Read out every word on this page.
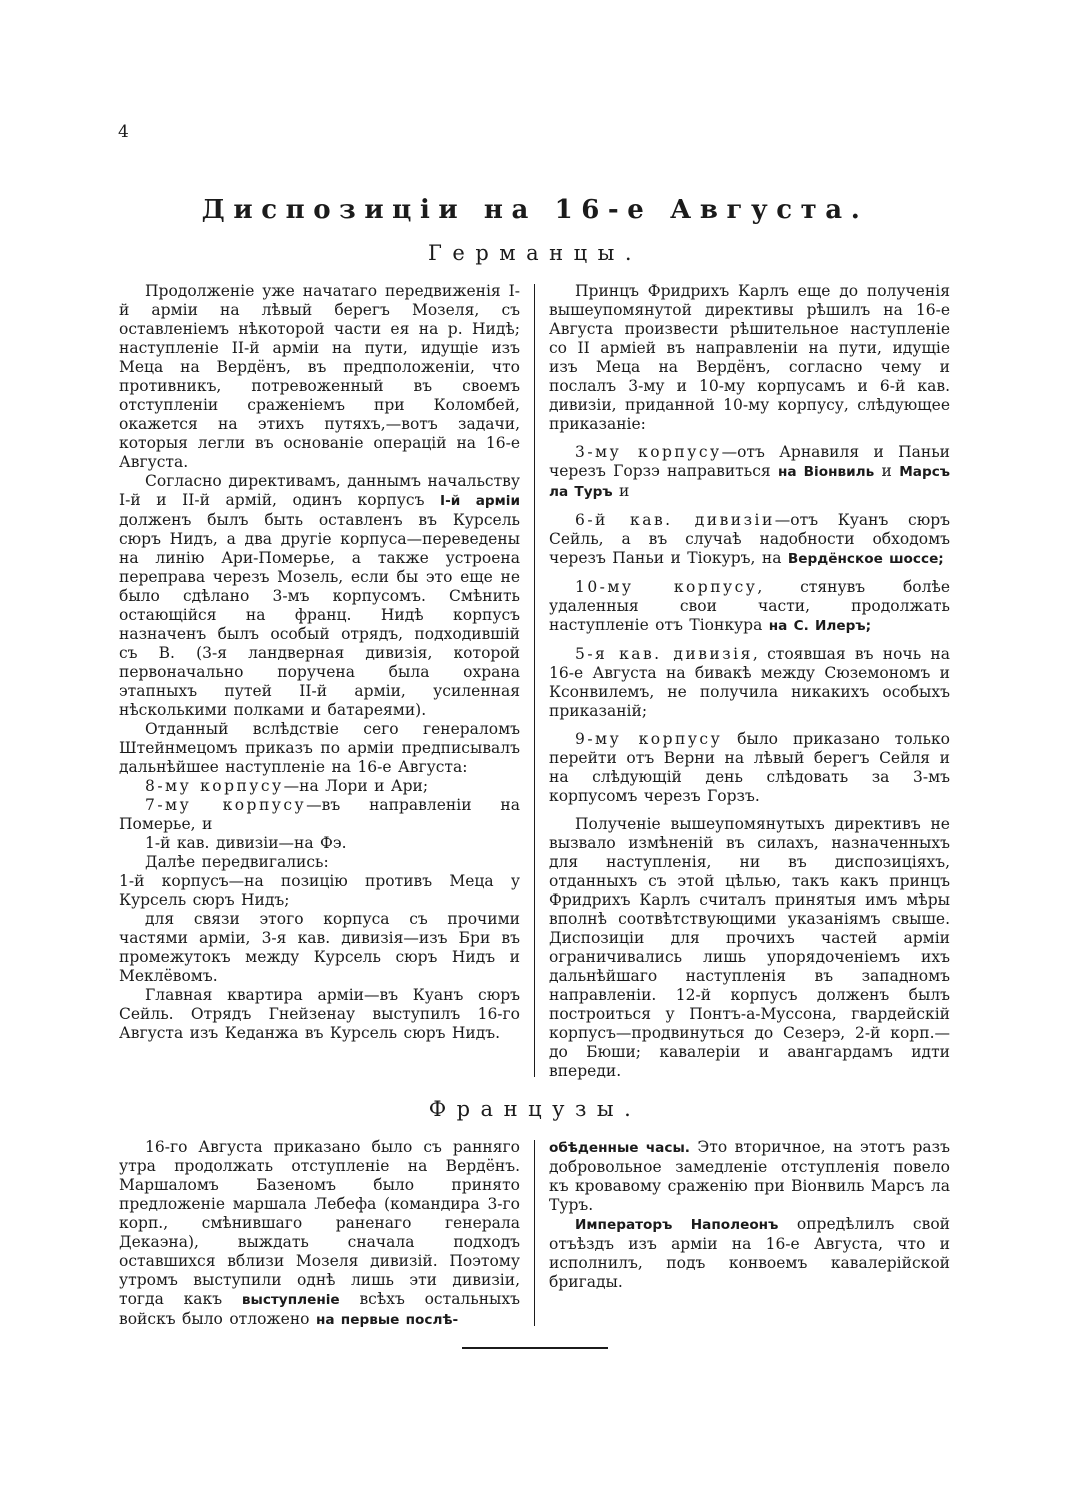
4
Диспозиціи на 16-е Августа.
Германцы.

Продолженіе уже начатаго передвиженія I-й арміи на лѣвый берегъ Мозеля, съ оставленіемъ нѣкоторой части ея на р. Нидѣ; наступленіе II-й арміи на пути, идущіе изъ Меца на Вердёнъ, въ предположеніи, что противникъ, потревоженный въ своемъ отступленіи сраженіемъ при Коломбей, окажется на этихъ путяхъ,—вотъ задачи, которыя легли въ основаніе операцій на 16-е Августа.

Согласно директивамъ, даннымъ начальству I-й и II-й армій, одинъ корпусъ I-й арміи долженъ былъ быть оставленъ въ Курсель сюръ Нидъ, а два другіе корпуса—переведены на линію Ари-Померье, а также устроена переправа черезъ Мозель, если бы это еще не было сдѣлано 3-мъ корпусомъ. Смѣнить остающійся на франц. Нидѣ корпусъ назначенъ былъ особый отрядъ, подходившій съ В. (3-я ландверная дивизія, которой первоначально поручена была охрана этапныхъ путей II-й арміи, усиленная нѣсколькими полками и батареями).

Отданный вслѣдствіе сего генераломъ Штейнмецомъ приказъ по арміи предписывалъ дальнѣйшее наступленіе на 16-е Августа:

8-му корпусу—на Лори и Ари;

7-му корпусу—въ направленіи на Померье, и

1-й кав. дивизіи—на Фэ.

Далѣе передвигались:

1-й корпусъ—на позицію противъ Меца у Курсель сюръ Нидъ;

для связи этого корпуса съ прочими частями арміи, 3-я кав. дивизія—изъ Бри въ промежутокъ между Курсель сюръ Нидъ и Меклёвомъ.

Главная квартира арміи—въ Куанъ сюръ Сейль. Отрядъ Гнейзенау выступилъ 16-го Августа изъ Кеданжа въ Курсель сюръ Нидъ.

Принцъ Фридрихъ Карлъ еще до полученія вышеупомянутой директивы рѣшилъ на 16-е Августа произвести рѣшительное наступленіе со II арміей въ направленіи на пути, идущіе изъ Меца на Вердёнъ, согласно чему и послалъ 3-му и 10-му корпусамъ и 6-й кав. дивизіи, приданной 10-му корпусу, слѣдующее приказаніе:

3-му корпусу—отъ Арнавиля и Паньи черезъ Горзэ направиться на Віонвиль и Марсъ ла Туръ и

6-й кав. дивизіи—отъ Куанъ сюръ Сейль, а въ случаѣ надобности обходомъ черезъ Паньи и Тіокуръ, на Вердёнское шоссе;

10-му корпусу, стянувъ болѣе удаленныя свои части, продолжать наступленіе отъ Тіонкура на С. Илеръ;

5-я кав. дивизія, стоявшая въ ночь на 16-е Августа на бивакѣ между Сюземономъ и Ксонвилемъ, не получила никакихъ особыхъ приказаній;

9-му корпусу было приказано только перейти отъ Верни на лѣвый берегъ Сейля и на слѣдующій день слѣдовать за 3-мъ корпусомъ черезъ Горзъ.

Полученіе вышеупомянутыхъ директивъ не вызвало измѣненій въ силахъ, назначенныхъ для наступленія, ни въ диспозиціяхъ, отданныхъ съ этой цѣлью, такъ какъ принцъ Фридрихъ Карлъ считалъ принятыя имъ мѣры вполнѣ соотвѣтствующими указаніямъ свыше. Диспозиціи для прочихъ частей арміи ограничивались лишь упорядоченіемъ ихъ дальнѣйшаго наступленія въ западномъ направленіи. 12-й корпусъ долженъ былъ построиться у Понтъ-а-Муссона, гвардейскій корпусъ—продвинуться до Сезерэ, 2-й корп.—до Бюши; кавалеріи и авангардамъ идти впереди.

Французы.

16-го Августа приказано было съ ранняго утра продолжать отступленіе на Вердёнъ. Маршаломъ Базеномъ было принято предложеніе маршала Лебефа (командира 3-го корп., смѣнившаго раненаго генерала Декаэна), выждать сначала подходъ оставшихся вблизи Мозеля дивизій. Поэтому утромъ выступили однѣ лишь эти дивизіи, тогда какъ выступленіе всѣхъ остальныхъ войскъ было отложено на первые послѣ-

обѣденные часы. Это вторичное, на этотъ разъ добровольное замедленіе отступленія повело къ кровавому сраженію при Віонвиль Марсъ ла Туръ.

Императоръ Наполеонъ опредѣлилъ свой отъѣздъ изъ арміи на 16-е Августа, что и исполнилъ, подъ конвоемъ кавалерійской бригады.
